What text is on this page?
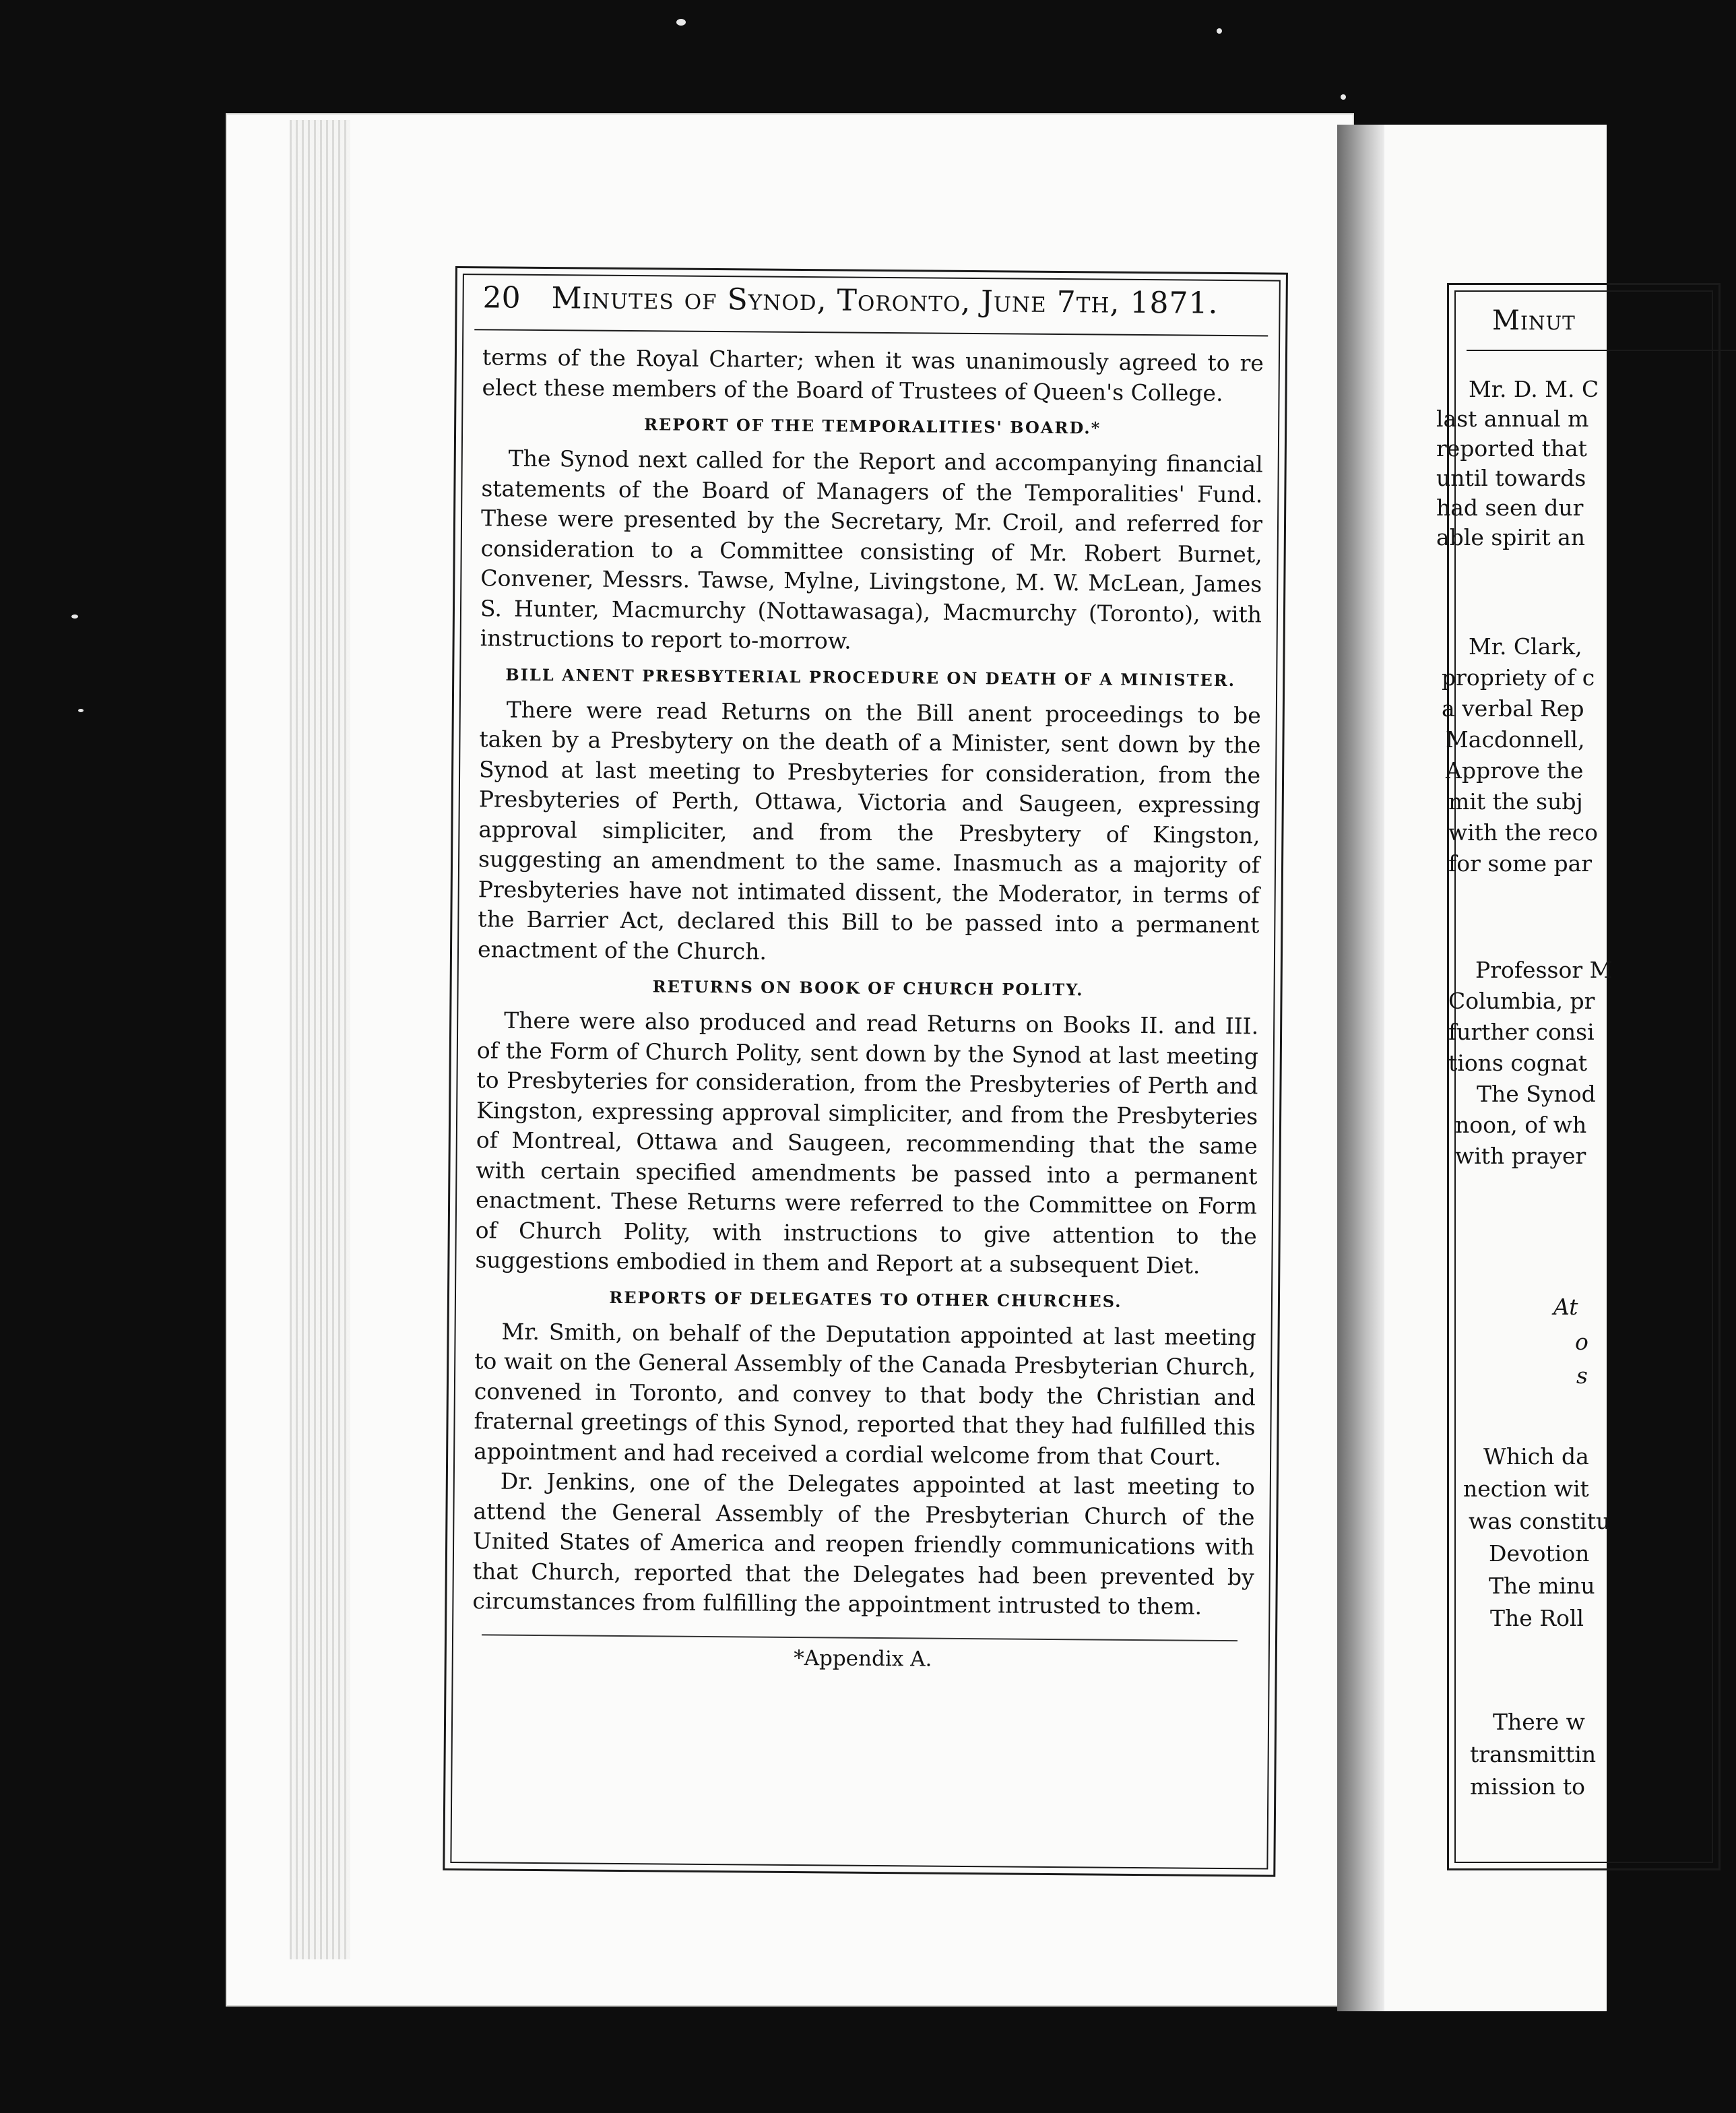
20 Minutes of Synod, Toronto, June 7th, 1871.

terms of the Royal Charter; when it was unanimously agreed to re elect these members of the Board of Trustees of Queen's College.

REPORT OF THE TEMPORALITIES' BOARD.*

The Synod next called for the Report and accompanying financial statements of the Board of Managers of the Temporalities' Fund. These were presented by the Secretary, Mr. Croil, and referred for consideration to a Committee consisting of Mr. Robert Burnet, Convener, Messrs. Tawse, Mylne, Livingstone, M. W. McLean, James S. Hunter, Macmurchy (Nottawasaga), Macmurchy (Toronto), with instructions to report to-morrow.

BILL ANENT PRESBYTERIAL PROCEDURE ON DEATH OF A MINISTER.

There were read Returns on the Bill anent proceedings to be taken by a Presbytery on the death of a Minister, sent down by the Synod at last meeting to Presbyteries for consideration, from the Presbyteries of Perth, Ottawa, Victoria and Saugeen, expressing approval simpliciter, and from the Presbytery of Kingston, suggesting an amendment to the same. Inasmuch as a majority of Presbyteries have not intimated dissent, the Moderator, in terms of the Barrier Act, declared this Bill to be passed into a permanent enactment of the Church.

RETURNS ON BOOK OF CHURCH POLITY.

There were also produced and read Returns on Books II. and III. of the Form of Church Polity, sent down by the Synod at last meeting to Presbyteries for consideration, from the Presbyteries of Perth and Kingston, expressing approval simpliciter, and from the Presbyteries of Montreal, Ottawa and Saugeen, recommending that the same with certain specified amendments be passed into a permanent enactment. These Returns were referred to the Committee on Form of Church Polity, with instructions to give attention to the suggestions embodied in them and Report at a subsequent Diet.

REPORTS OF DELEGATES TO OTHER CHURCHES.

Mr. Smith, on behalf of the Deputation appointed at last meeting to wait on the General Assembly of the Canada Presbyterian Church, convened in Toronto, and convey to that body the Christian and fraternal greetings of this Synod, reported that they had fulfilled this appointment and had received a cordial welcome from that Court.

Dr. Jenkins, one of the Delegates appointed at last meeting to attend the General Assembly of the Presbyterian Church of the United States of America and reopen friendly communications with that Church, reported that the Delegates had been prevented by circumstances from fulfilling the appointment intrusted to them.

*Appendix A.
Minut
Mr. D. M. C
last annual m
reported that
until towards
had seen dur
able spirit an
Mr. Clark,
propriety of c
a verbal Rep
Macdonnell,
Approve the
mit the subj
with the reco
for some par
Professor M
Columbia, pr
further consi
tions cognat
The Synod
noon, of wh
with prayer
At
o
s
Which da
nection wit
was constitu
Devotion
The minu
The Roll
There w
transmittin
mission to
